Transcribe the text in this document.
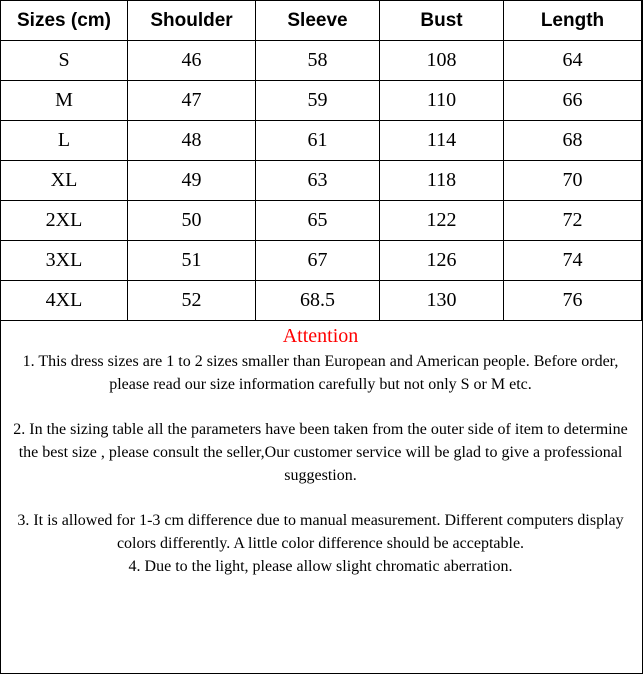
Sizes (cm)	Shoulder	Sleeve	Bust	Length
S	46	58	108	64
M	47	59	110	66
L	48	61	114	68
XL	49	63	118	70
2XL	50	65	122	72
3XL	51	67	126	74
4XL	52	68.5	130	76

Attention

1. This dress sizes are 1 to 2 sizes smaller than European and American people. Before order, please read our size information carefully but not only S or M etc.

2. In the sizing table all the parameters have been taken from the outer side of item to determine the best size , please consult the seller,Our customer service will be glad to give a professional suggestion.

3. It is allowed for 1-3 cm difference due to manual measurement. Different computers display colors differently. A little color difference should be acceptable.

4. Due to the light, please allow slight chromatic aberration.
